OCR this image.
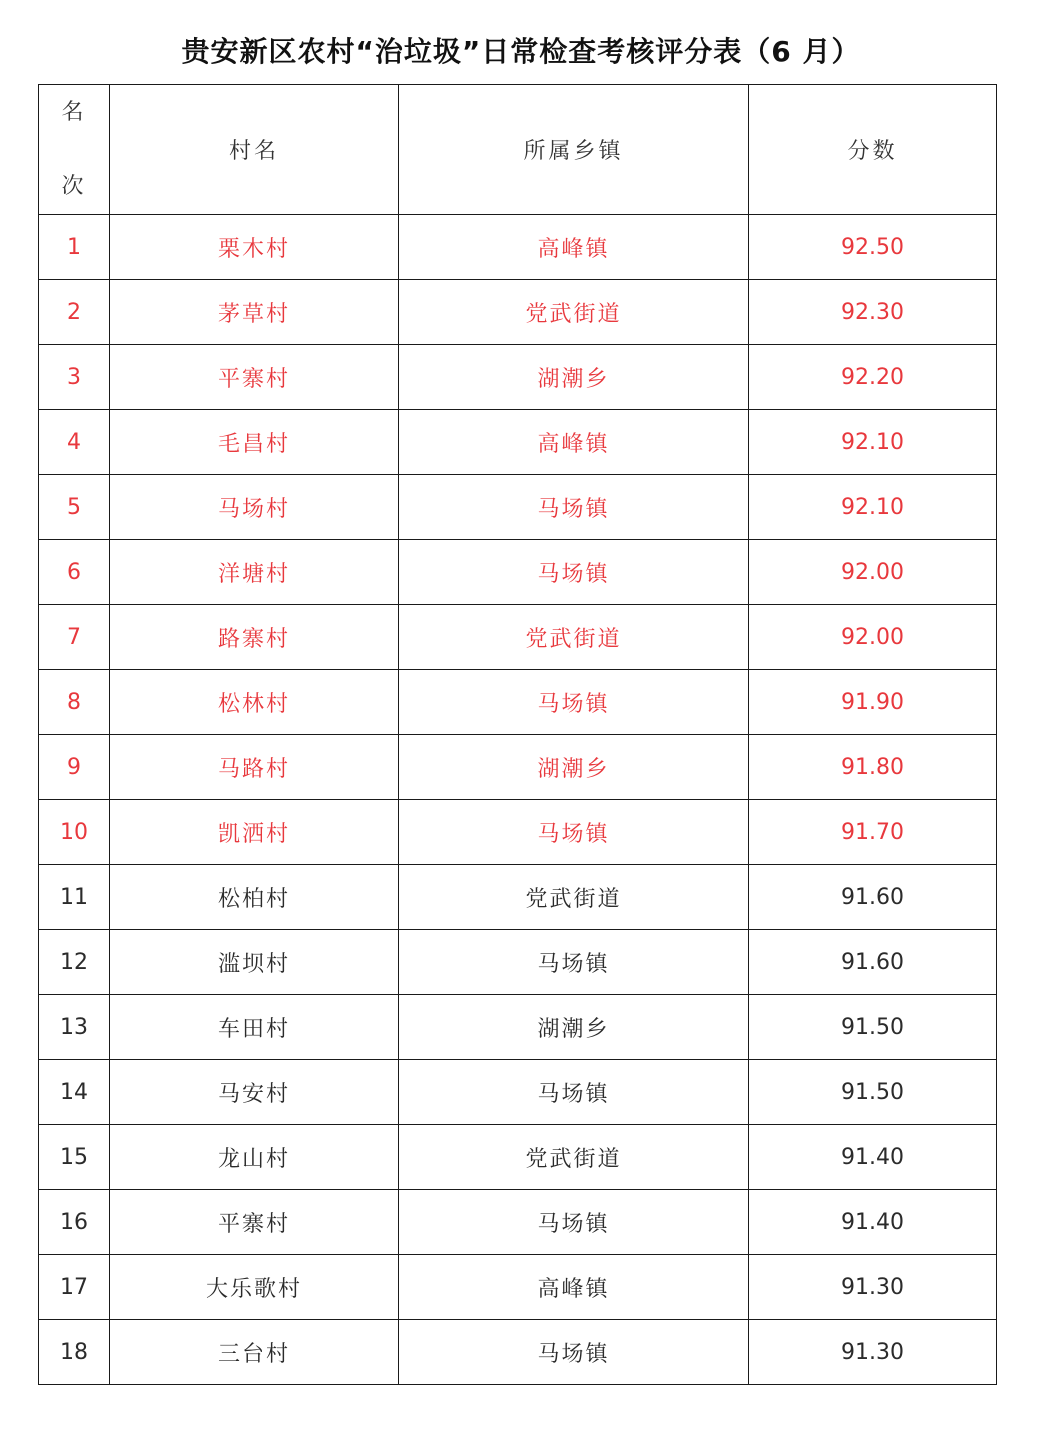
贵安新区农村“治垃圾”日常检查考核评分表（6 月）
名
次	村名	所属乡镇	分数
1	栗木村	高峰镇	92.50
2	茅草村	党武街道	92.30
3	平寨村	湖潮乡	92.20
4	毛昌村	高峰镇	92.10
5	马场村	马场镇	92.10
6	洋塘村	马场镇	92.00
7	路寨村	党武街道	92.00
8	松林村	马场镇	91.90
9	马路村	湖潮乡	91.80
10	凯洒村	马场镇	91.70
11	松柏村	党武街道	91.60
12	滥坝村	马场镇	91.60
13	车田村	湖潮乡	91.50
14	马安村	马场镇	91.50
15	龙山村	党武街道	91.40
16	平寨村	马场镇	91.40
17	大乐歌村	高峰镇	91.30
18	三台村	马场镇	91.30
